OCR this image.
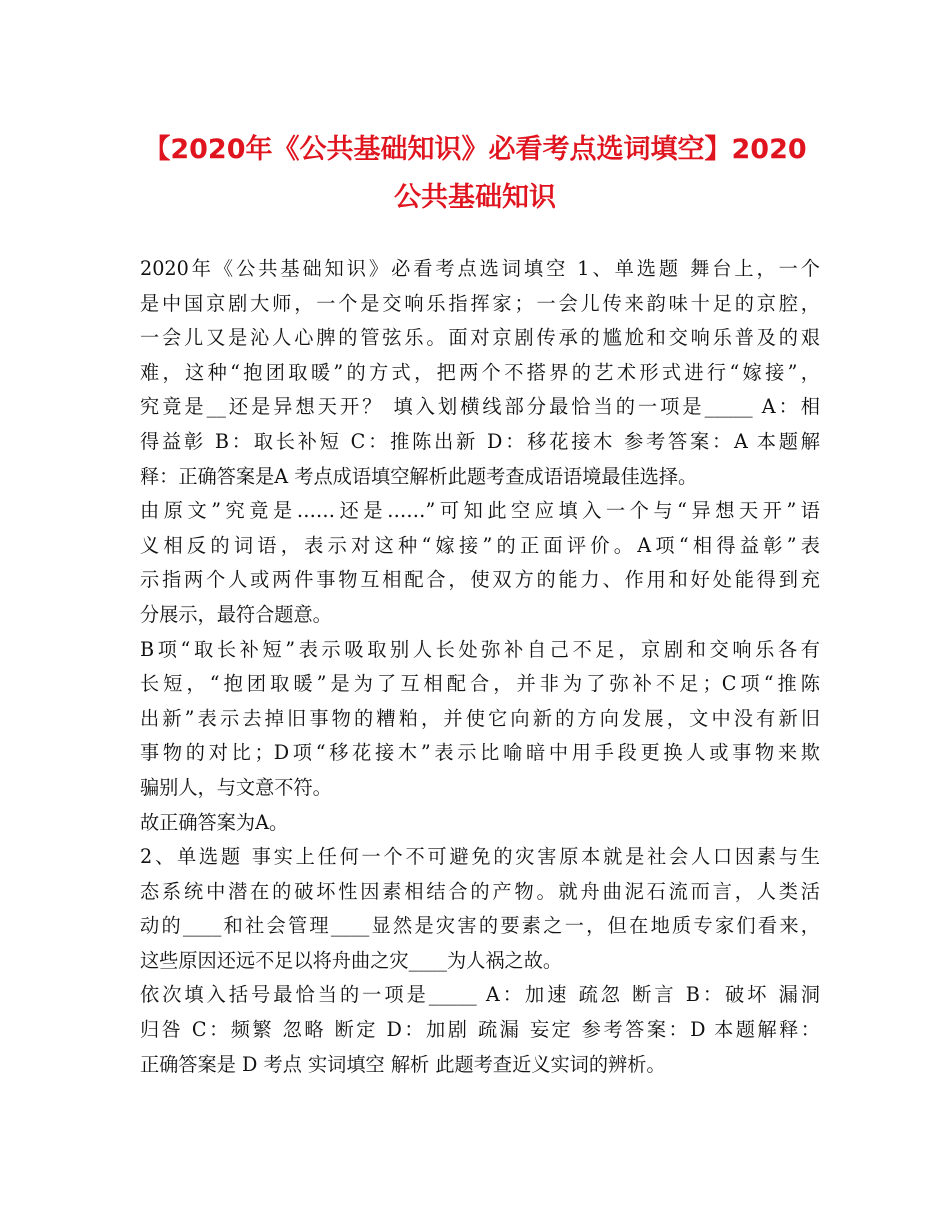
【2020年《公共基础知识》必看考点选词填空】2020
公共基础知识
2020年《公共基础知识》必看考点选词填空 1、单选题 舞台上，一个
是中国京剧大师，一个是交响乐指挥家；一会儿传来韵味十足的京腔，
一会儿又是沁人心脾的管弦乐。面对京剧传承的尴尬和交响乐普及的艰
难，这种“抱团取暖”的方式，把两个不搭界的艺术形式进行“嫁接”，
究竟是__还是异想天开？ 填入划横线部分最恰当的一项是_____ A：相
得益彰 B：取长补短 C：推陈出新 D：移花接木 参考答案：A 本题解
释：正确答案是A 考点成语填空解析此题考查成语语境最佳选择。
由原文”究竟是……还是……”可知此空应填入一个与“异想天开”语
义相反的词语，表示对这种“嫁接”的正面评价。A项“相得益彰”表
示指两个人或两件事物互相配合，使双方的能力、作用和好处能得到充
分展示，最符合题意。
B项“取长补短”表示吸取别人长处弥补自己不足，京剧和交响乐各有
长短，“抱团取暖”是为了互相配合，并非为了弥补不足；C项“推陈
出新”表示去掉旧事物的糟粕，并使它向新的方向发展，文中没有新旧
事物的对比；D项“移花接木”表示比喻暗中用手段更换人或事物来欺
骗别人，与文意不符。
故正确答案为A。
2、单选题 事实上任何一个不可避免的灾害原本就是社会人口因素与生
态系统中潜在的破坏性因素相结合的产物。就舟曲泥石流而言，人类活
动的____和社会管理____显然是灾害的要素之一，但在地质专家们看来，
这些原因还远不足以将舟曲之灾____为人祸之故。
依次填入括号最恰当的一项是_____ A：加速 疏忽 断言 B：破坏 漏洞
归咎 C：频繁 忽略 断定 D：加剧 疏漏 妄定 参考答案：D 本题解释：
正确答案是 D 考点 实词填空 解析 此题考查近义实词的辨析。
